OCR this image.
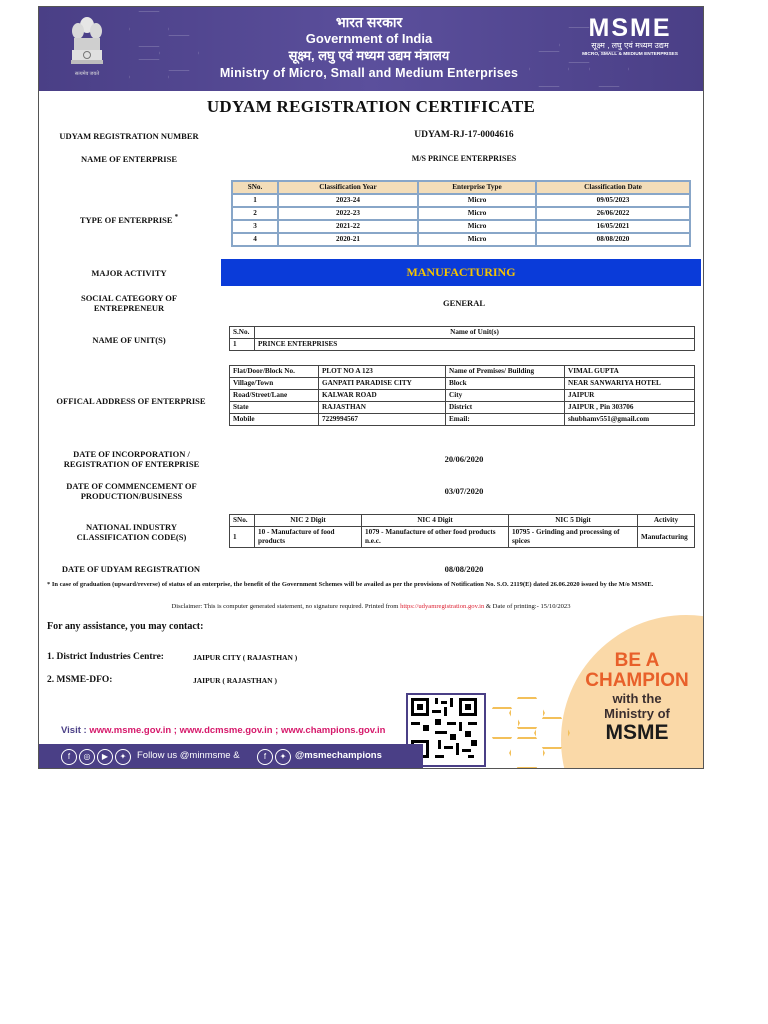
सत्यमेव जयते
भारत सरकार
Government of India
सूक्ष्म, लघु एवं मध्यम उद्यम मंत्रालय
Ministry of Micro, Small and Medium Enterprises
MSME
सूक्ष्म , लघु एवं मध्यम उद्यम
MICRO, SMALL & MEDIUM ENTERPRISES
UDYAM REGISTRATION CERTIFICATE
UDYAM REGISTRATION NUMBER	UDYAM-RJ-17-0004616
NAME OF ENTERPRISE	M/S PRINCE ENTERPRISES
TYPE OF ENTERPRISE *
SNo.	Classification Year	Enterprise Type	Classification Date
1	2023-24	Micro	09/05/2023
2	2022-23	Micro	26/06/2022
3	2021-22	Micro	16/05/2021
4	2020-21	Micro	08/08/2020
MAJOR ACTIVITY	MANUFACTURING
SOCIAL CATEGORY OF ENTREPRENEUR	GENERAL
NAME OF UNIT(S)
S.No.	Name of Unit(s)
1	PRINCE ENTERPRISES
OFFICAL ADDRESS OF ENTERPRISE
Flat/Door/Block No.	PLOT NO A 123	Name of Premises/ Building	VIMAL GUPTA
Village/Town	GANPATI PARADISE CITY	Block	NEAR SANWARIYA HOTEL
Road/Street/Lane	KALWAR ROAD	City	JAIPUR
State	RAJASTHAN	District	JAIPUR , Pin 303706
Mobile	7229994567	Email:	shubhamv551@gmail.com
DATE OF INCORPORATION / REGISTRATION OF ENTERPRISE	20/06/2020
DATE OF COMMENCEMENT OF PRODUCTION/BUSINESS	03/07/2020
NATIONAL INDUSTRY CLASSIFICATION CODE(S)
SNo.	NIC 2 Digit	NIC 4 Digit	NIC 5 Digit	Activity
1	10 - Manufacture of food products	1079 - Manufacture of other food products n.e.c.	10795 - Grinding and processing of spices	Manufacturing
DATE OF UDYAM REGISTRATION	08/08/2020
* In case of graduation (upward/reverse) of status of an enterprise, the benefit of the Government Schemes will be availed as per the provisions of Notification No. S.O. 2119(E) dated 26.06.2020 issued by the M/o MSME.
Disclaimer: This is computer generated statement, no signature required. Printed from https://udyamregistration.gov.in & Date of printing:- 15/10/2023
BE A
CHAMPION
with the
Ministry of
MSME
For any assistance, you may contact:
1. District Industries Centre:	JAIPUR CITY ( RAJASTHAN )
2. MSME-DFO:	JAIPUR ( RAJASTHAN )
Visit : www.msme.gov.in ; www.dcmsme.gov.in ; www.champions.gov.in
f	◎	▶	✦	Follow us @minmsme &	f	✦ @msmechampions
